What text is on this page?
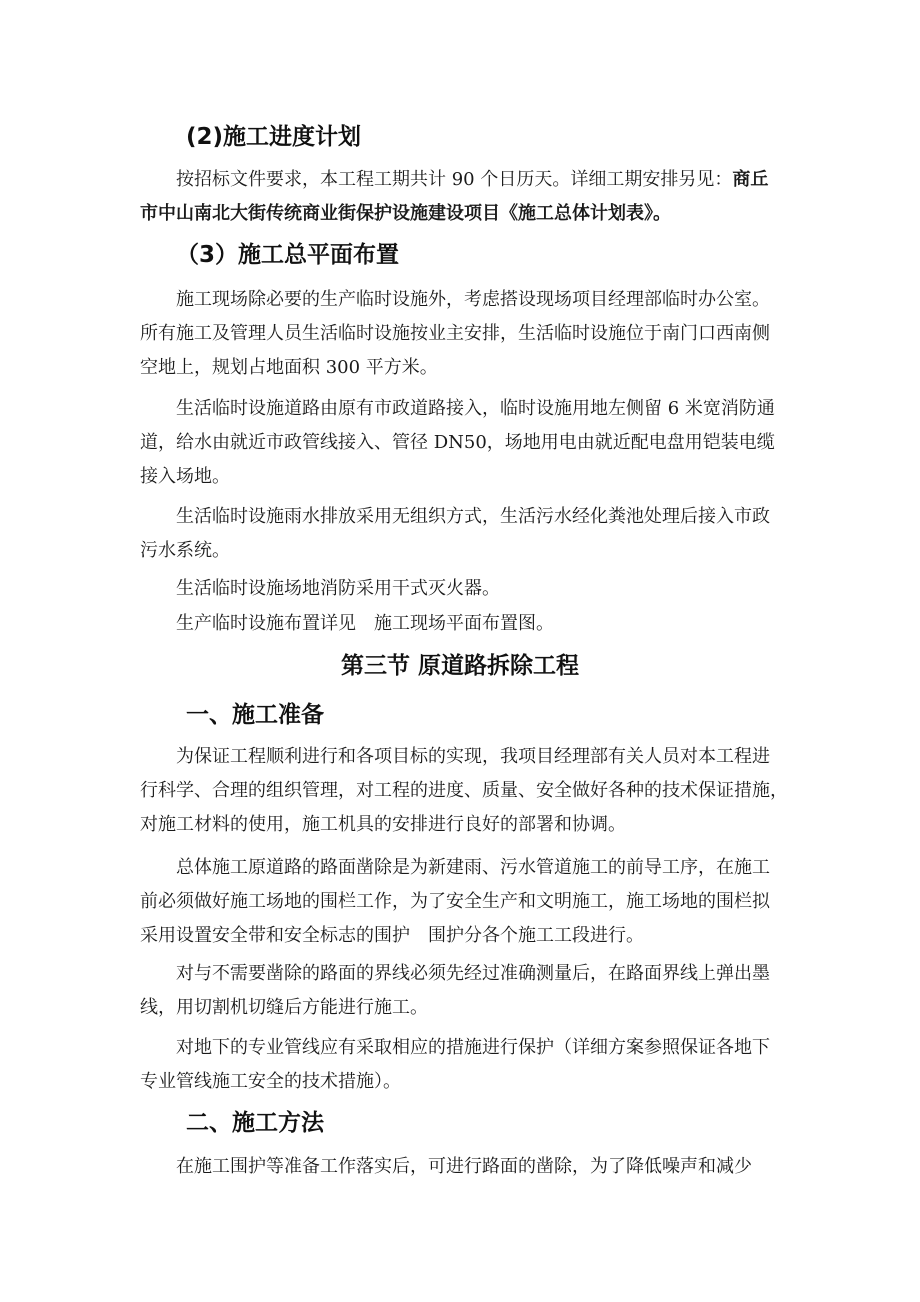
(2)施工进度计划
按招标文件要求，本工程工期共计 90 个日历天。详细工期安排另见：商丘
市中山南北大街传统商业街保护设施建设项目《施工总体计划表》。
（3）施工总平面布置
施工现场除必要的生产临时设施外，考虑搭设现场项目经理部临时办公室。
所有施工及管理人员生活临时设施按业主安排，生活临时设施位于南门口西南侧
空地上，规划占地面积 300 平方米。
生活临时设施道路由原有市政道路接入，临时设施用地左侧留 6 米宽消防通
道，给水由就近市政管线接入、管径 DN50，场地用电由就近配电盘用铠装电缆
接入场地。
生活临时设施雨水排放采用无组织方式，生活污水经化粪池处理后接入市政
污水系统。
生活临时设施场地消防采用干式灭火器。
生产临时设施布置详见　施工现场平面布置图。
第三节 原道路拆除工程
一、施工准备
为保证工程顺利进行和各项目标的实现，我项目经理部有关人员对本工程进
行科学、合理的组织管理，对工程的进度、质量、安全做好各种的技术保证措施，
对施工材料的使用，施工机具的安排进行良好的部署和协调。
总体施工原道路的路面凿除是为新建雨、污水管道施工的前导工序，在施工
前必须做好施工场地的围栏工作，为了安全生产和文明施工，施工场地的围栏拟
采用设置安全带和安全标志的围护　围护分各个施工工段进行。
对与不需要凿除的路面的界线必须先经过准确测量后，在路面界线上弹出墨
线，用切割机切缝后方能进行施工。
对地下的专业管线应有采取相应的措施进行保护（详细方案参照保证各地下
专业管线施工安全的技术措施）。
二、施工方法
在施工围护等准备工作落实后，可进行路面的凿除，为了降低噪声和减少
